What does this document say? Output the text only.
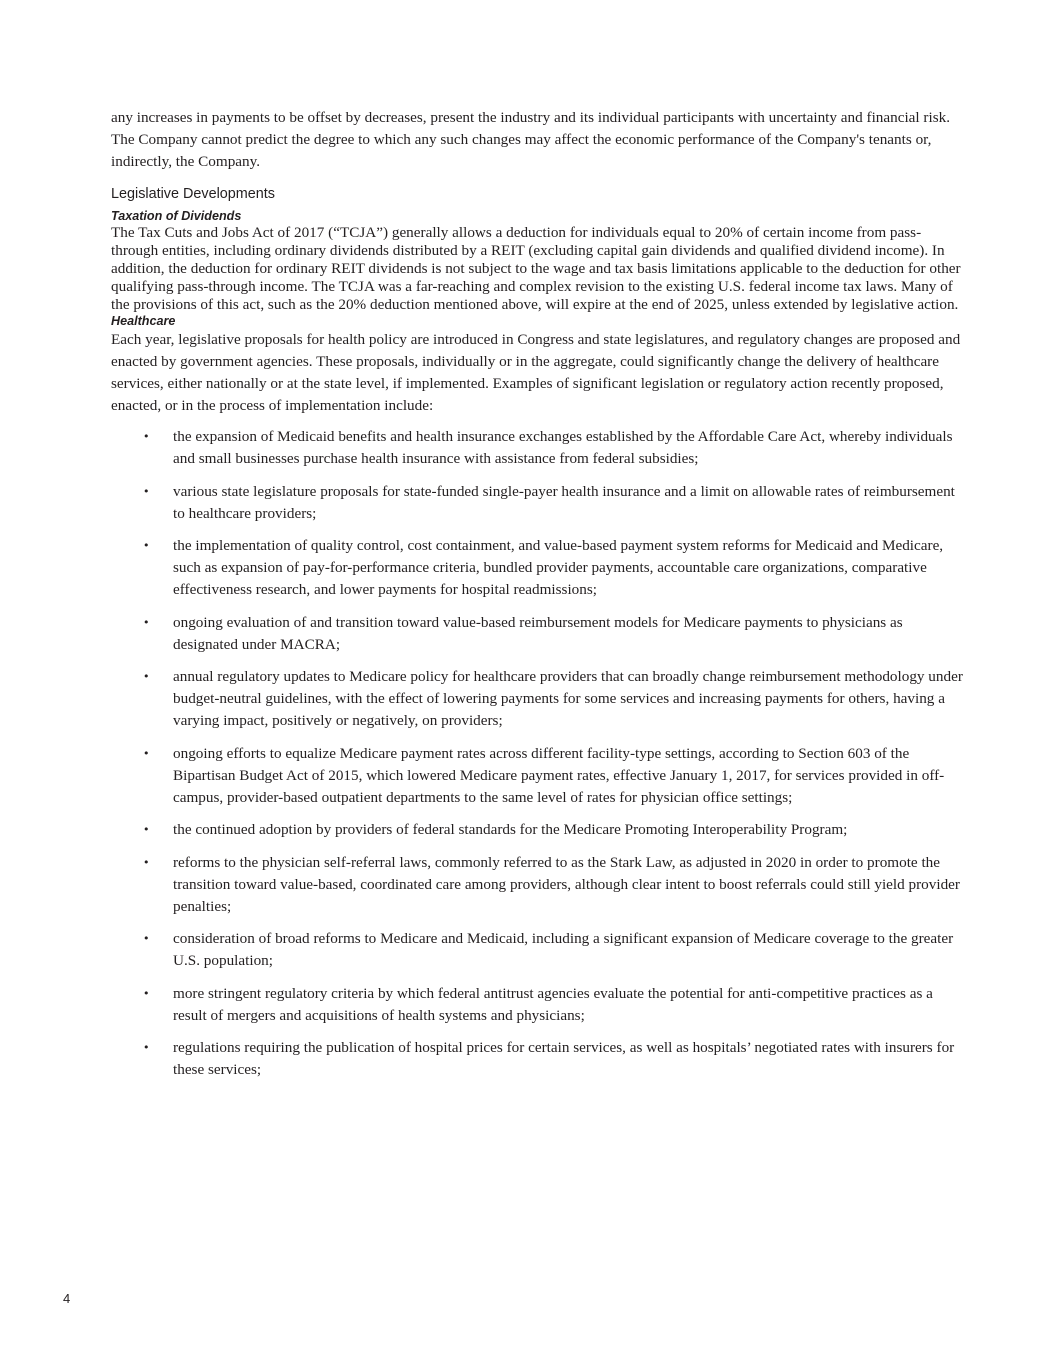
any increases in payments to be offset by decreases, present the industry and its individual participants with uncertainty and financial risk. The Company cannot predict the degree to which any such changes may affect the economic performance of the Company's tenants or, indirectly, the Company.

Legislative Developments
Taxation of Dividends

The Tax Cuts and Jobs Act of 2017 (“TCJA”) generally allows a deduction for individuals equal to 20% of certain income from pass-through entities, including ordinary dividends distributed by a REIT (excluding capital gain dividends and qualified dividend income). In addition, the deduction for ordinary REIT dividends is not subject to the wage and tax basis limitations applicable to the deduction for other qualifying pass-through income. The TCJA was a far-reaching and complex revision to the existing U.S. federal income tax laws. Many of the provisions of this act, such as the 20% deduction mentioned above, will expire at the end of 2025, unless extended by legislative action.

Healthcare

Each year, legislative proposals for health policy are introduced in Congress and state legislatures, and regulatory changes are proposed and enacted by government agencies. These proposals, individually or in the aggregate, could significantly change the delivery of healthcare services, either nationally or at the state level, if implemented. Examples of significant legislation or regulatory action recently proposed, enacted, or in the process of implementation include:

• the expansion of Medicaid benefits and health insurance exchanges established by the Affordable Care Act, whereby individuals and small businesses purchase health insurance with assistance from federal subsidies;
• various state legislature proposals for state-funded single-payer health insurance and a limit on allowable rates of reimbursement to healthcare providers;
• the implementation of quality control, cost containment, and value-based payment system reforms for Medicaid and Medicare, such as expansion of pay-for-performance criteria, bundled provider payments, accountable care organizations, comparative effectiveness research, and lower payments for hospital readmissions;
• ongoing evaluation of and transition toward value-based reimbursement models for Medicare payments to physicians as designated under MACRA;
• annual regulatory updates to Medicare policy for healthcare providers that can broadly change reimbursement methodology under budget-neutral guidelines, with the effect of lowering payments for some services and increasing payments for others, having a varying impact, positively or negatively, on providers;
• ongoing efforts to equalize Medicare payment rates across different facility-type settings, according to Section 603 of the Bipartisan Budget Act of 2015, which lowered Medicare payment rates, effective January 1, 2017, for services provided in off-campus, provider-based outpatient departments to the same level of rates for physician office settings;
• the continued adoption by providers of federal standards for the Medicare Promoting Interoperability Program;
• reforms to the physician self-referral laws, commonly referred to as the Stark Law, as adjusted in 2020 in order to promote the transition toward value-based, coordinated care among providers, although clear intent to boost referrals could still yield provider penalties;
• consideration of broad reforms to Medicare and Medicaid, including a significant expansion of Medicare coverage to the greater U.S. population;
• more stringent regulatory criteria by which federal antitrust agencies evaluate the potential for anti-competitive practices as a result of mergers and acquisitions of health systems and physicians;
• regulations requiring the publication of hospital prices for certain services, as well as hospitals’ negotiated rates with insurers for these services;
4
